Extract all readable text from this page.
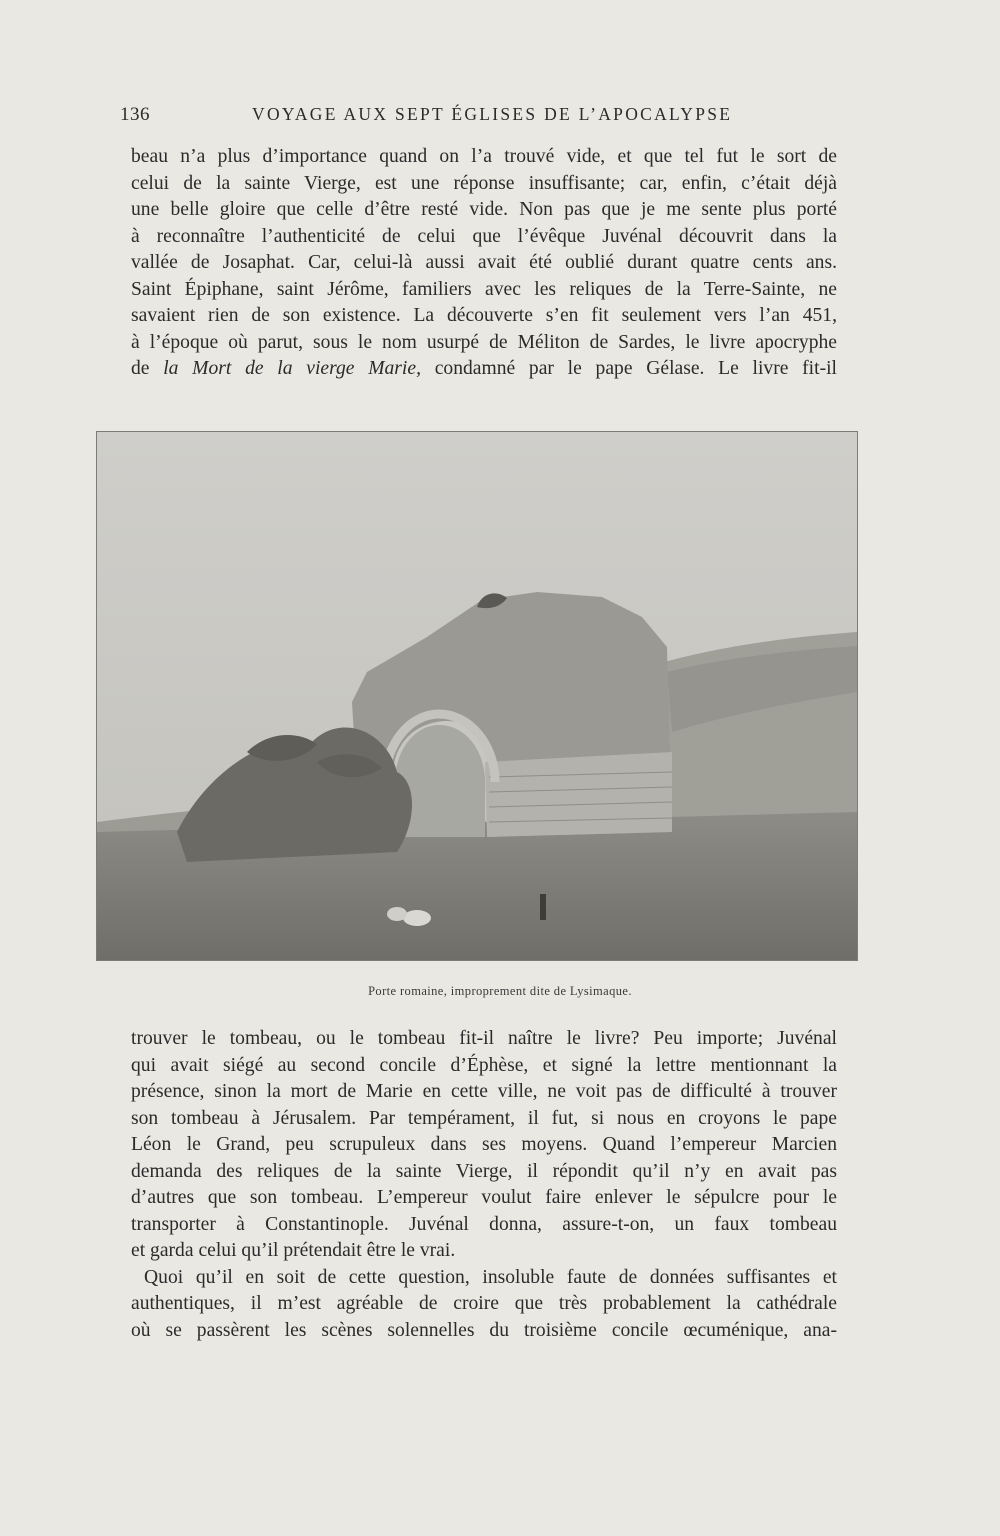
136	VOYAGE AUX SEPT ÉGLISES DE L’APOCALYPSE

beau n’a plus d’importance quand on l’a trouvé vide, et que tel fut le sort de
celui de la sainte Vierge, est une réponse insuffisante; car, enfin, c’était déjà
une belle gloire que celle d’être resté vide. Non pas que je me sente plus porté
à reconnaître l’authenticité de celui que l’évêque Juvénal découvrit dans la
vallée de Josaphat. Car, celui-là aussi avait été oublié durant quatre cents ans.
Saint Épiphane, saint Jérôme, familiers avec les reliques de la Terre-Sainte, ne
savaient rien de son existence. La découverte s’en fit seulement vers l’an 451,
à l’époque où parut, sous le nom usurpé de Méliton de Sardes, le livre apocryphe
de la Mort de la vierge Marie, condamné par le pape Gélase. Le livre fit-il

Porte romaine, improprement dite de Lysimaque.

trouver le tombeau, ou le tombeau fit-il naître le livre? Peu importe; Juvénal
qui avait siégé au second concile d’Éphèse, et signé la lettre mentionnant la
présence, sinon la mort de Marie en cette ville, ne voit pas de difficulté à trouver
son tombeau à Jérusalem. Par tempérament, il fut, si nous en croyons le pape
Léon le Grand, peu scrupuleux dans ses moyens. Quand l’empereur Marcien
demanda des reliques de la sainte Vierge, il répondit qu’il n’y en avait pas
d’autres que son tombeau. L’empereur voulut faire enlever le sépulcre pour le
transporter à Constantinople. Juvénal donna, assure-t-on, un faux tombeau
et garda celui qu’il prétendait être le vrai.

Quoi qu’il en soit de cette question, insoluble faute de données suffisantes et
authentiques, il m’est agréable de croire que très probablement la cathédrale
où se passèrent les scènes solennelles du troisième concile œcuménique, ana-
